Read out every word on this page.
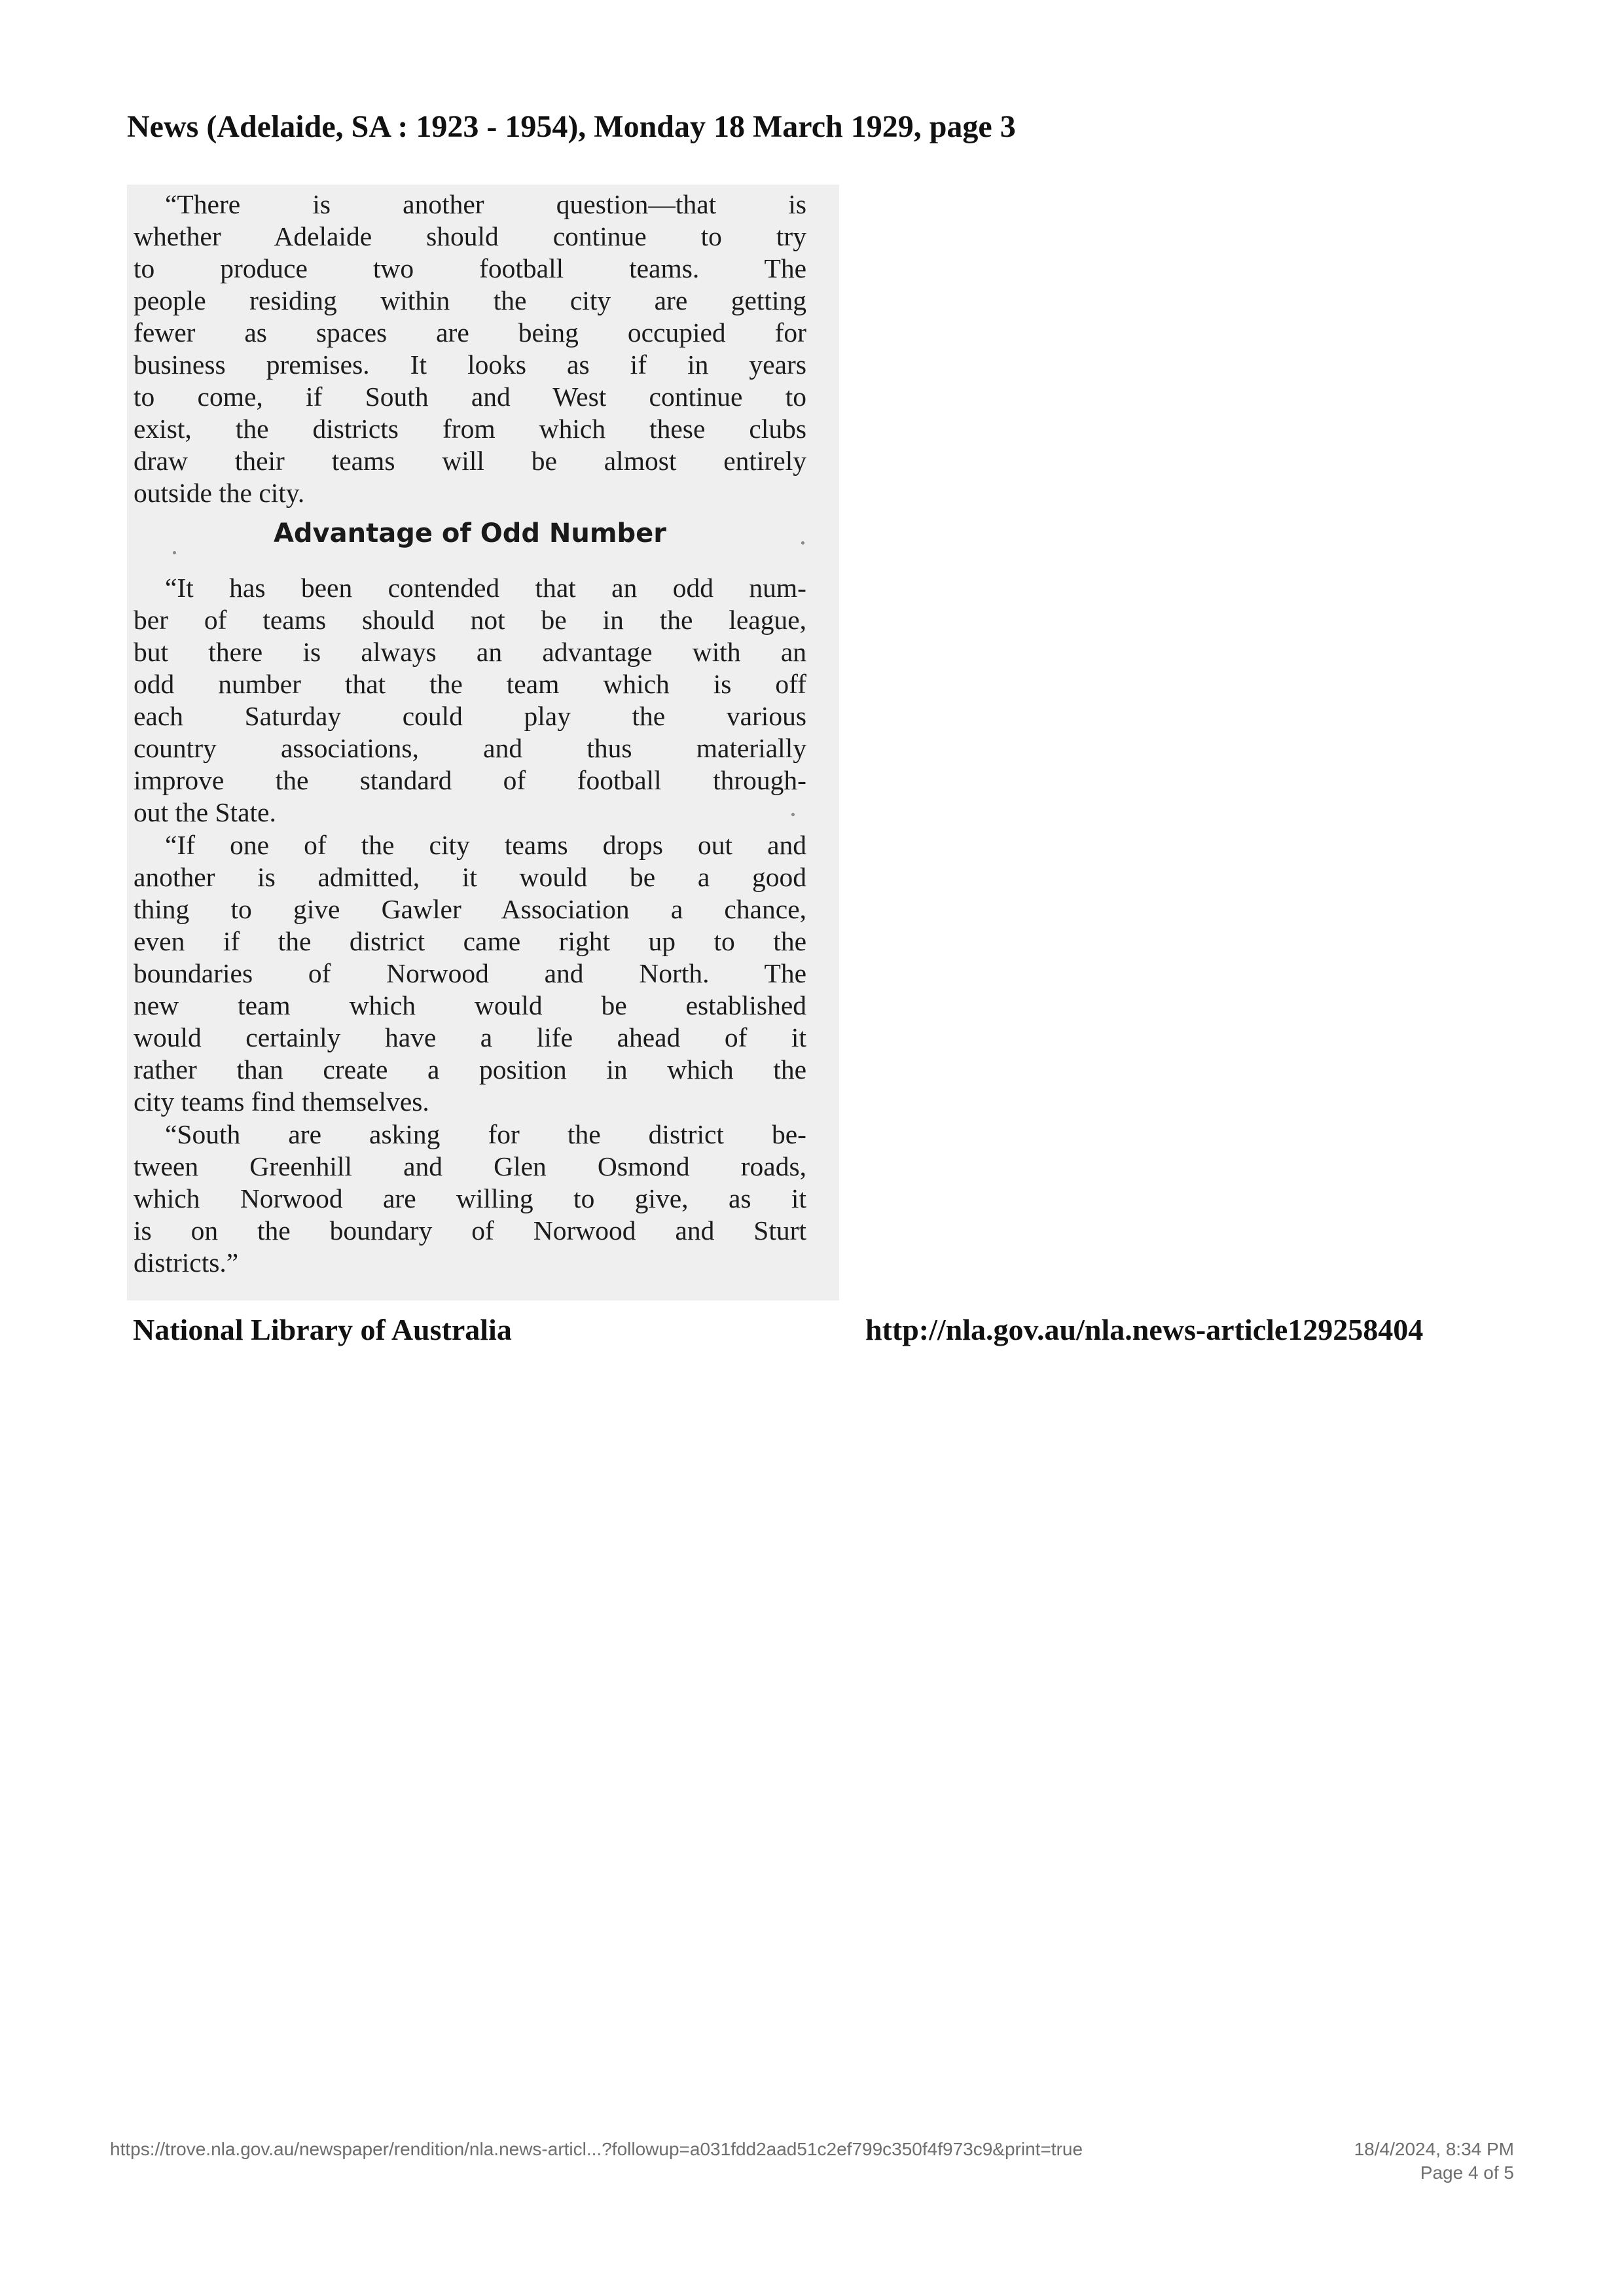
News (Adelaide, SA : 1923 - 1954), Monday 18 March 1929, page 3
“There is another question—that is
whether Adelaide should continue to try
to produce two football teams. The
people residing within the city are getting
fewer as spaces are being occupied for
business premises. It looks as if in years
to come, if South and West continue to
exist, the districts from which these clubs
draw their teams will be almost entirely
outside the city.
Advantage of Odd Number
“It has been contended that an odd num-
ber of teams should not be in the league,
but there is always an advantage with an
odd number that the team which is off
each Saturday could play the various
country associations, and thus materially
improve the standard of football through-
out the State.
“If one of the city teams drops out and
another is admitted, it would be a good
thing to give Gawler Association a chance,
even if the district came right up to the
boundaries of Norwood and North. The
new team which would be established
would certainly have a life ahead of it
rather than create a position in which the
city teams find themselves.
“South are asking for the district be-
tween Greenhill and Glen Osmond roads,
which Norwood are willing to give, as it
is on the boundary of Norwood and Sturt
districts.”
National Library of Australia	http://nla.gov.au/nla.news-article129258404
https://trove.nla.gov.au/newspaper/rendition/nla.news-articl...?followup=a031fdd2aad51c2ef799c350f4f973c9&print=true	18/4/2024, 8:34 PM
Page 4 of 5
